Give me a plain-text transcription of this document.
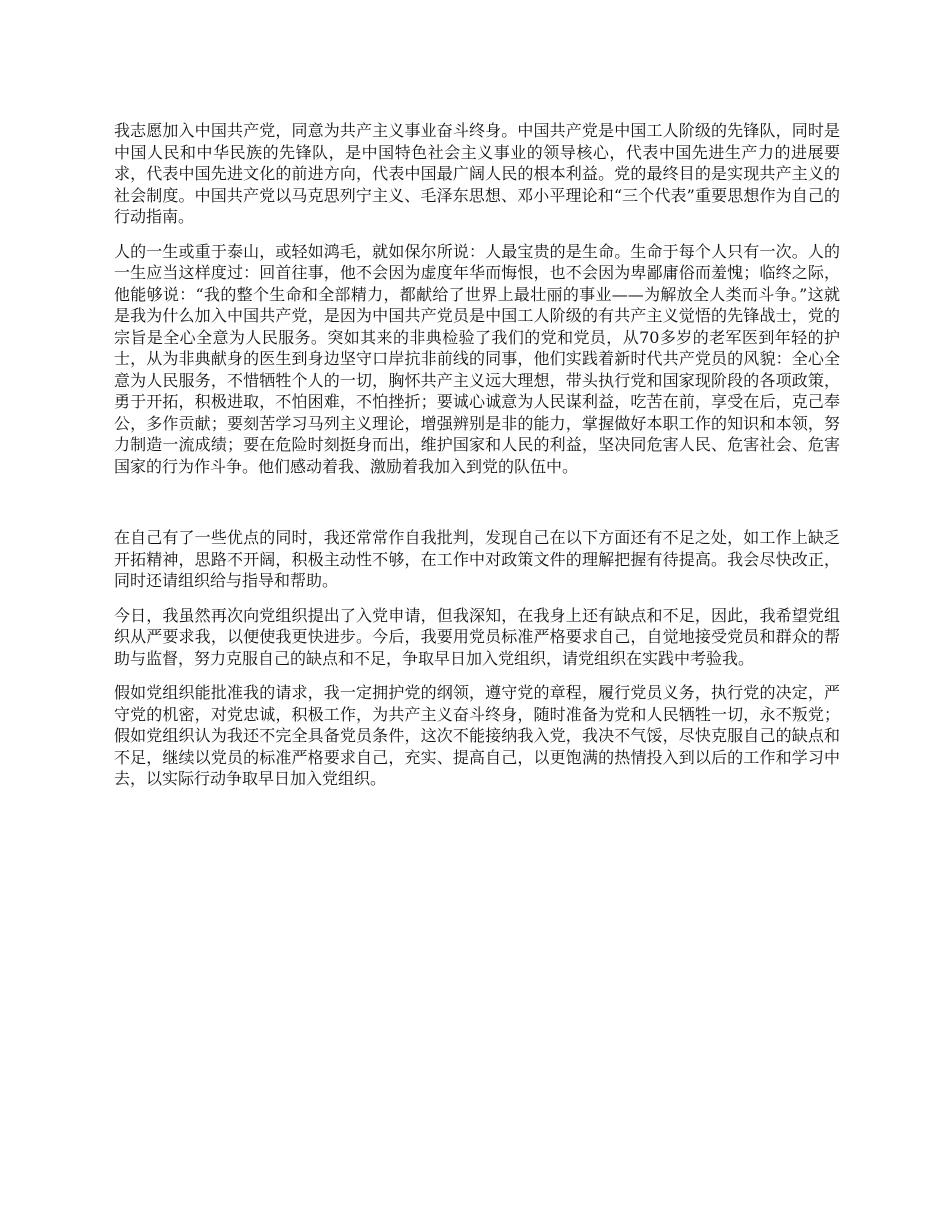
我志愿加入中国共产党，同意为共产主义事业奋斗终身。中国共产党是中国工人阶级的先锋队，同时是中国人民和中华民族的先锋队，是中国特色社会主义事业的领导核心，代表中国先进生产力的进展要求，代表中国先进文化的前进方向，代表中国最广阔人民的根本利益。党的最终目的是实现共产主义的社会制度。中国共产党以马克思列宁主义、毛泽东思想、邓小平理论和“三个代表”重要思想作为自己的行动指南。

人的一生或重于泰山，或轻如鸿毛，就如保尔所说：人最宝贵的是生命。生命于每个人只有一次。人的一生应当这样度过：回首往事，他不会因为虚度年华而悔恨，也不会因为卑鄙庸俗而羞愧；临终之际，他能够说：“我的整个生命和全部精力，都献给了世界上最壮丽的事业——为解放全人类而斗争。”这就是我为什么加入中国共产党，是因为中国共产党员是中国工人阶级的有共产主义觉悟的先锋战士，党的宗旨是全心全意为人民服务。突如其来的非典检验了我们的党和党员，从70多岁的老军医到年轻的护士，从为非典献身的医生到身边坚守口岸抗非前线的同事，他们实践着新时代共产党员的风貌：全心全意为人民服务，不惜牺牲个人的一切，胸怀共产主义远大理想，带头执行党和国家现阶段的各项政策，勇于开拓，积极进取，不怕困难，不怕挫折；要诚心诚意为人民谋利益，吃苦在前，享受在后，克己奉公，多作贡献；要刻苦学习马列主义理论，增强辨别是非的能力，掌握做好本职工作的知识和本领，努力制造一流成绩；要在危险时刻挺身而出，维护国家和人民的利益，坚决同危害人民、危害社会、危害国家的行为作斗争。他们感动着我、激励着我加入到党的队伍中。

在自己有了一些优点的同时，我还常常作自我批判，发现自己在以下方面还有不足之处，如工作上缺乏开拓精神，思路不开阔，积极主动性不够，在工作中对政策文件的理解把握有待提高。我会尽快改正，同时还请组织给与指导和帮助。

今日，我虽然再次向党组织提出了入党申请，但我深知，在我身上还有缺点和不足，因此，我希望党组织从严要求我，以便使我更快进步。今后，我要用党员标准严格要求自己，自觉地接受党员和群众的帮助与监督，努力克服自己的缺点和不足，争取早日加入党组织，请党组织在实践中考验我。

假如党组织能批准我的请求，我一定拥护党的纲领，遵守党的章程，履行党员义务，执行党的决定，严守党的机密，对党忠诚，积极工作，为共产主义奋斗终身，随时准备为党和人民牺牲一切，永不叛党；假如党组织认为我还不完全具备党员条件，这次不能接纳我入党，我决不气馁，尽快克服自己的缺点和不足，继续以党员的标准严格要求自己，充实、提高自己，以更饱满的热情投入到以后的工作和学习中去，以实际行动争取早日加入党组织。
